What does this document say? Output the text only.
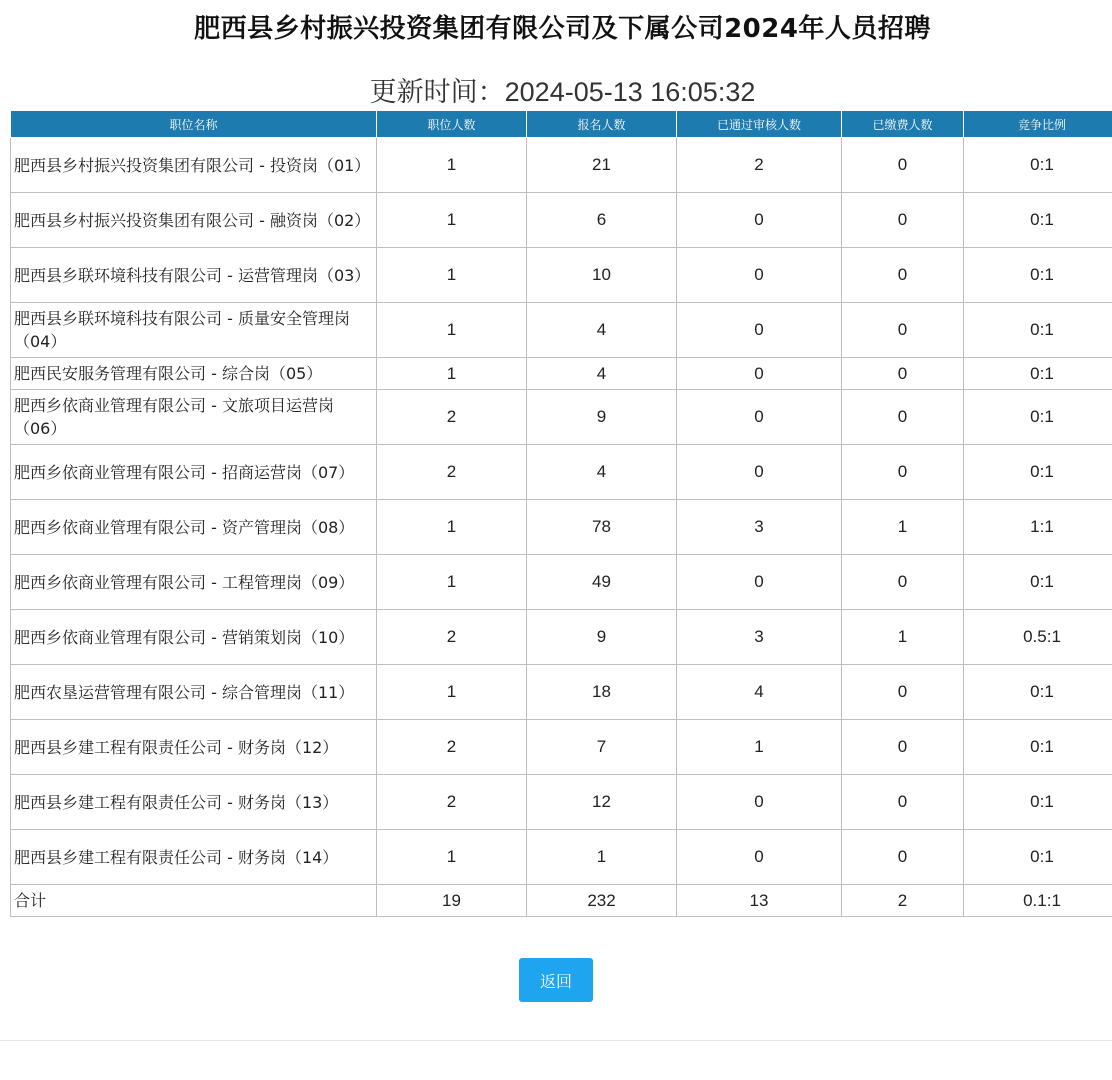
肥西县乡村振兴投资集团有限公司及下属公司2024年人员招聘
更新时间：2024-05-13 16:05:32
职位名称	职位人数	报名人数	已通过审核人数	已缴费人数	竞争比例
肥西县乡村振兴投资集团有限公司 - 投资岗（01）	1	21	2	0	0:1
肥西县乡村振兴投资集团有限公司 - 融资岗（02）	1	6	0	0	0:1
肥西县乡联环境科技有限公司 - 运营管理岗（03）	1	10	0	0	0:1
肥西县乡联环境科技有限公司 - 质量安全管理岗（04）	1	4	0	0	0:1
肥西民安服务管理有限公司 - 综合岗（05）	1	4	0	0	0:1
肥西乡依商业管理有限公司 - 文旅项目运营岗（06）	2	9	0	0	0:1
肥西乡依商业管理有限公司 - 招商运营岗（07）	2	4	0	0	0:1
肥西乡依商业管理有限公司 - 资产管理岗（08）	1	78	3	1	1:1
肥西乡依商业管理有限公司 - 工程管理岗（09）	1	49	0	0	0:1
肥西乡依商业管理有限公司 - 营销策划岗（10）	2	9	3	1	0.5:1
肥西农垦运营管理有限公司 - 综合管理岗（11）	1	18	4	0	0:1
肥西县乡建工程有限责任公司 - 财务岗（12）	2	7	1	0	0:1
肥西县乡建工程有限责任公司 - 财务岗（13）	2	12	0	0	0:1
肥西县乡建工程有限责任公司 - 财务岗（14）	1	1	0	0	0:1
合计	19	232	13	2	0.1:1
返回
